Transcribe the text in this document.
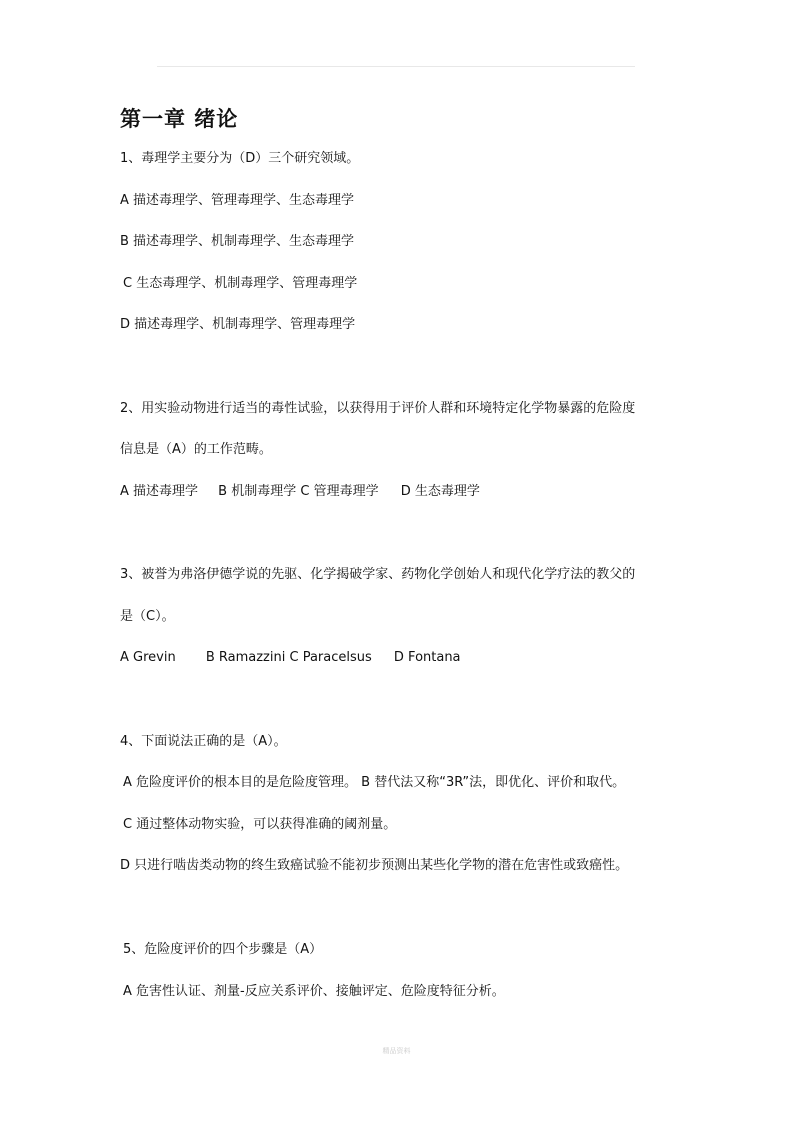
第一章 绪论
1、毒理学主要分为（D）三个研究领域。
A 描述毒理学、管理毒理学、生态毒理学
B 描述毒理学、机制毒理学、生态毒理学
C 生态毒理学、机制毒理学、管理毒理学
D 描述毒理学、机制毒理学、管理毒理学
2、用实验动物进行适当的毒性试验，以获得用于评价人群和环境特定化学物暴露的危险度
信息是（A）的工作范畴。
A 描述毒理学 B 机制毒理学 C 管理毒理学 D 生态毒理学
3、被誉为弗洛伊德学说的先驱、化学揭破学家、药物化学创始人和现代化学疗法的教父的
是（C）。
A Grevin B Ramazzini C Paracelsus D Fontana
4、下面说法正确的是（A）。
A 危险度评价的根本目的是危险度管理。 B 替代法又称“3R”法，即优化、评价和取代。
C 通过整体动物实验，可以获得准确的阈剂量。
D 只进行啮齿类动物的终生致癌试验不能初步预测出某些化学物的潜在危害性或致癌性。
5、危险度评价的四个步骤是（A）
A 危害性认证、剂量-反应关系评价、接触评定、危险度特征分析。
精品资料
